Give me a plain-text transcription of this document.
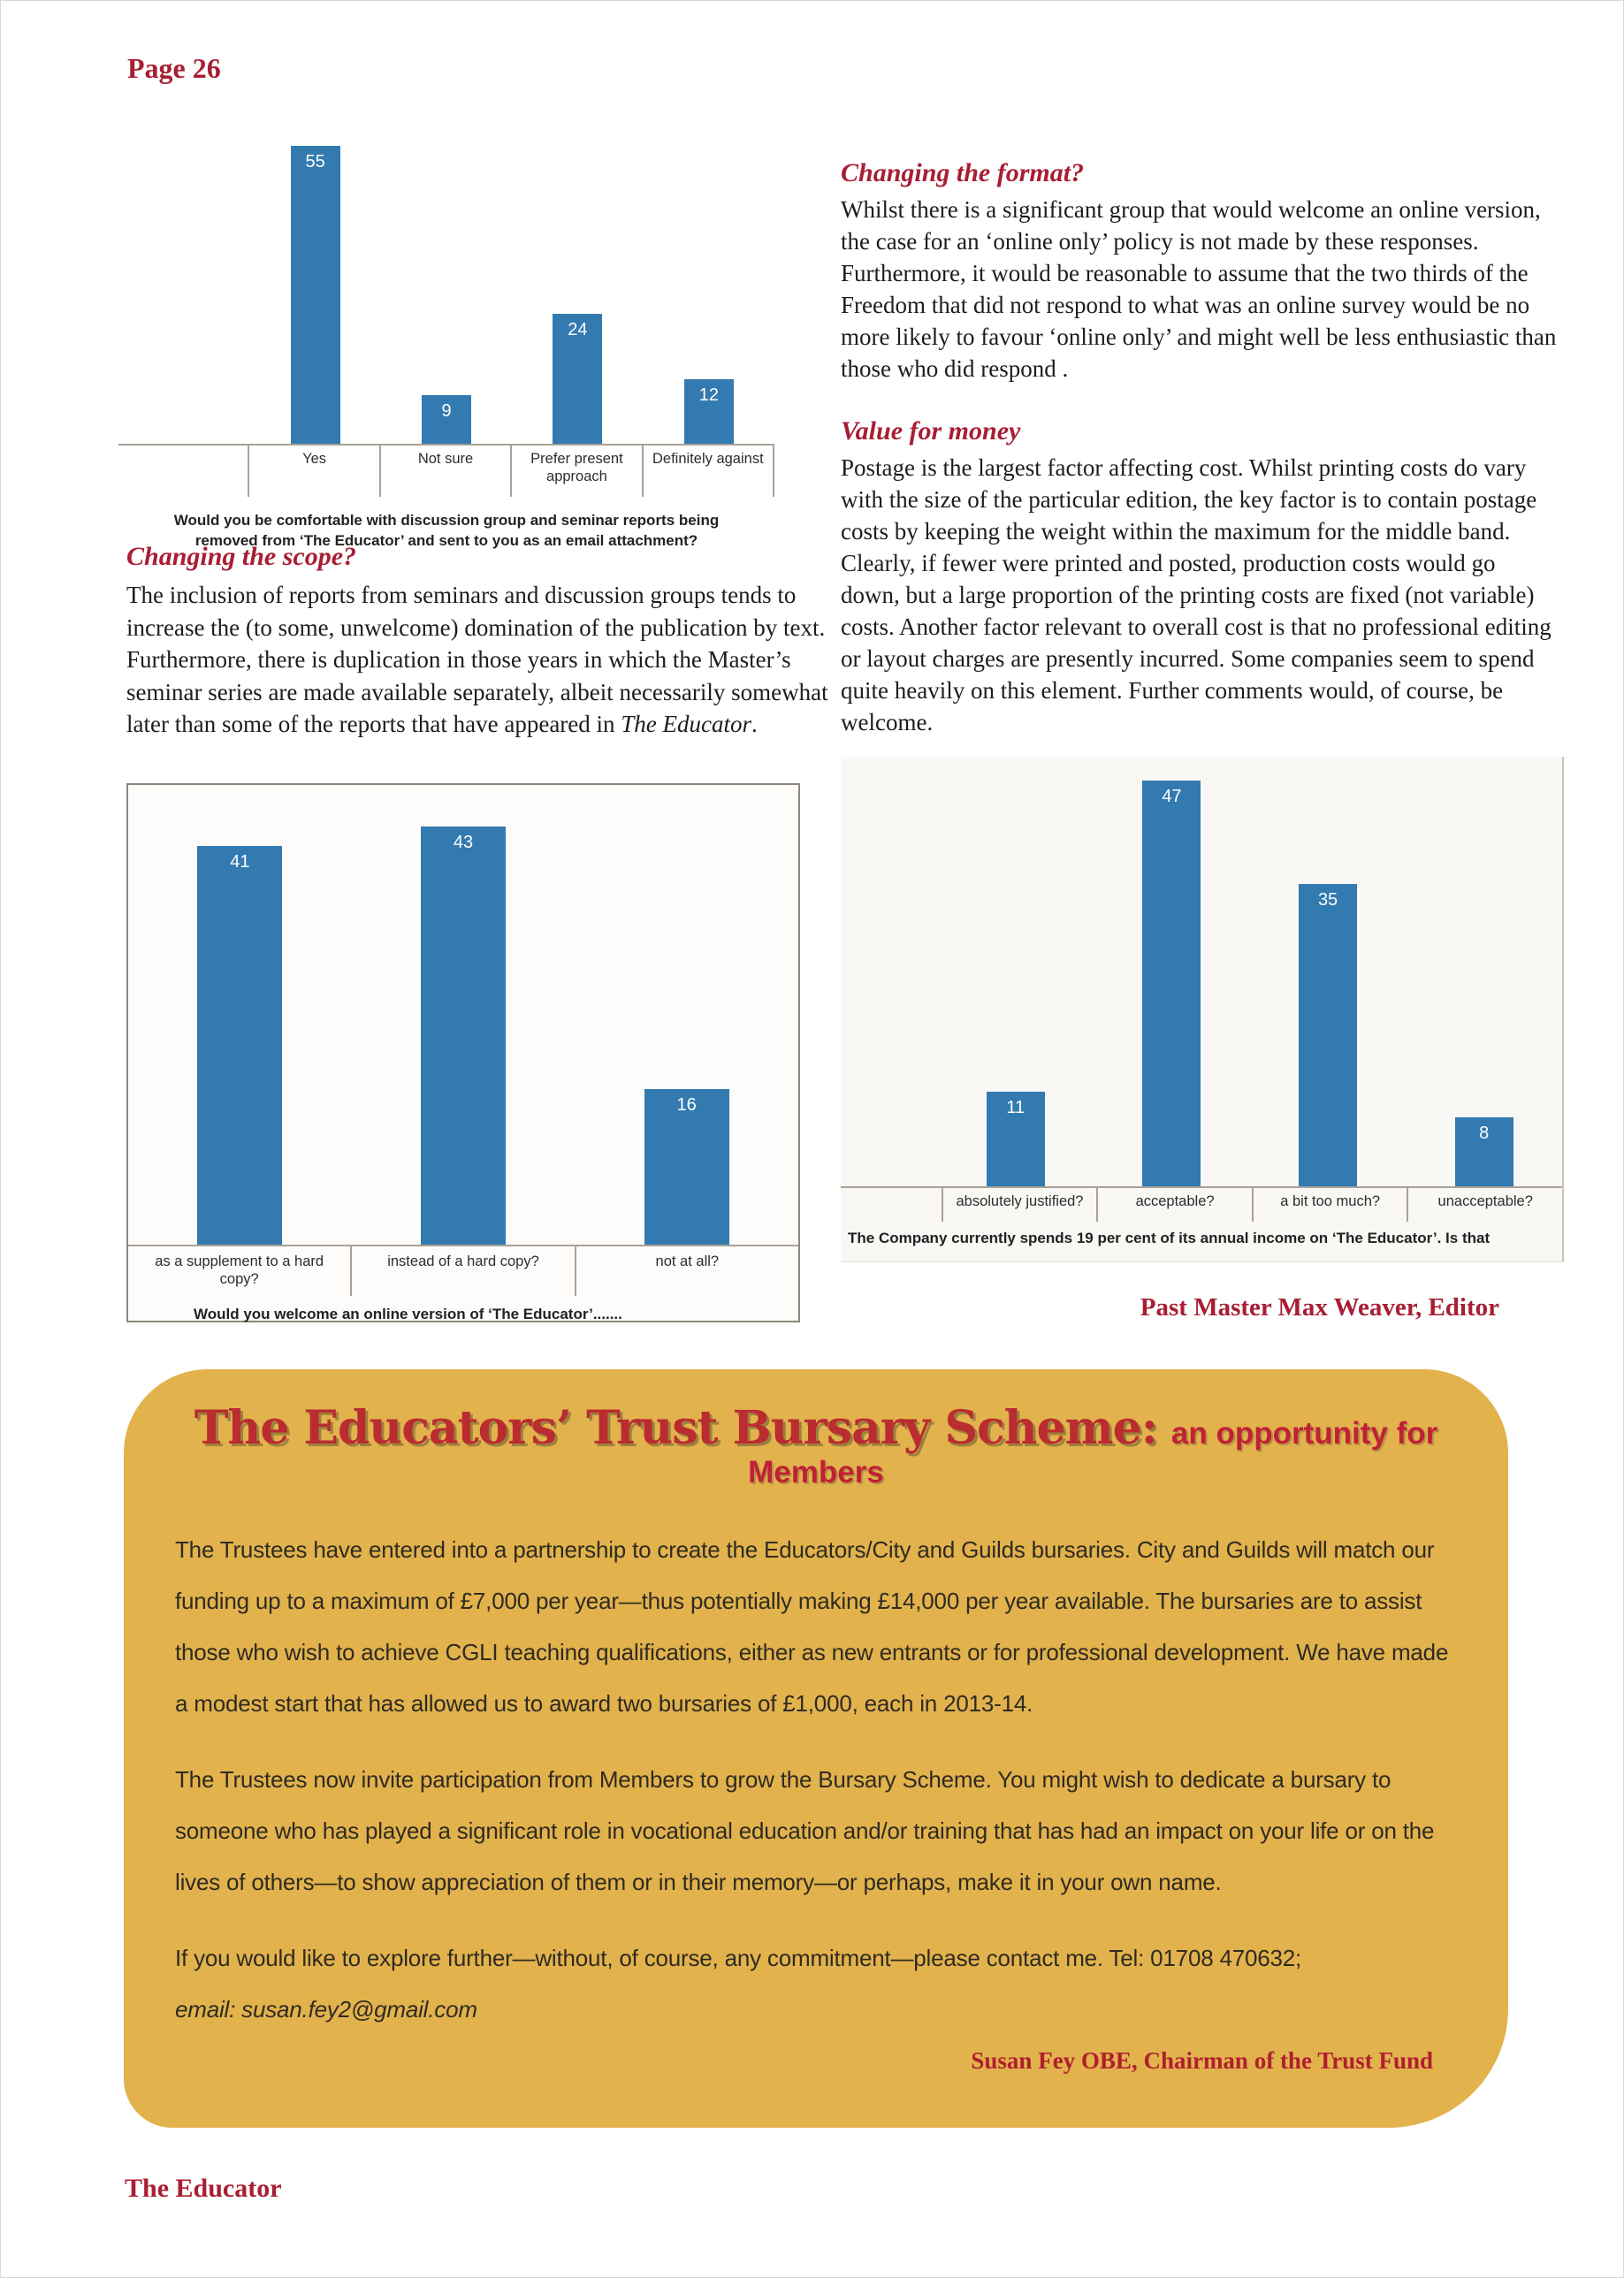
Page 26
55
9
24
12
Yes	Not sure	Prefer present approach
Definitely against
Would you be comfortable with discussion group and seminar reports being removed from ‘The Educator’ and sent to you as an email attachment?
Changing the scope?
The inclusion of reports from seminars and discussion groups tends to increase the (to some, unwelcome) domination of the publication by text. Furthermore, there is duplication in those years in which the Master’s seminar series are made available separately, albeit necessarily somewhat later than some of the reports that have appeared in The Educator.
Changing the format?
Whilst there is a significant group that would welcome an online version, the case for an ‘online only’ policy is not made by these responses. Furthermore, it would be reasonable to assume that the two thirds of the Freedom that did not respond to what was an online survey would be no more likely to favour ‘online only’ and might well be less enthusiastic than those who did respond .
Value for money
Postage is the largest factor affecting cost. Whilst printing costs do vary with the size of the particular edition, the key factor is to contain postage costs by keeping the weight within the maximum for the middle band. Clearly, if fewer were printed and posted, production costs would go down, but a large proportion of the printing costs are fixed (not variable) costs. Another factor relevant to overall cost is that no professional editing or layout charges are presently incurred. Some companies seem to spend quite heavily on this element. Further comments would, of course, be welcome.
41
43
16
as a supplement to a hard copy?
instead of a hard copy?	not at all?
Would you welcome an online version of ‘The Educator’.......
11
47
35
8
absolutely justified?	acceptable?	a bit too much?	unacceptable?
The Company currently spends 19 per cent of its annual income on ‘The Educator’. Is that
Past Master Max Weaver, Editor
The Educators’ Trust Bursary Scheme: an opportunity for Members
The Trustees have entered into a partnership to create the Educators/City and Guilds bursaries. City and Guilds will match our funding up to a maximum of £7,000 per year—thus potentially making £14,000 per year available. The bursaries are to assist those who wish to achieve CGLI teaching qualifications, either as new entrants or for professional development. We have made a modest start that has allowed us to award two bursaries of £1,000, each in 2013-14.
The Trustees now invite participation from Members to grow the Bursary Scheme. You might wish to dedicate a bursary to someone who has played a significant role in vocational education and/or training that has had an impact on your life or on the lives of others—to show appreciation of them or in their memory—or perhaps, make it in your own name.
If you would like to explore further—without, of course, any commitment—please contact me. Tel: 01708 470632;
email: susan.fey2@gmail.com
Susan Fey OBE, Chairman of the Trust Fund
The Educator
